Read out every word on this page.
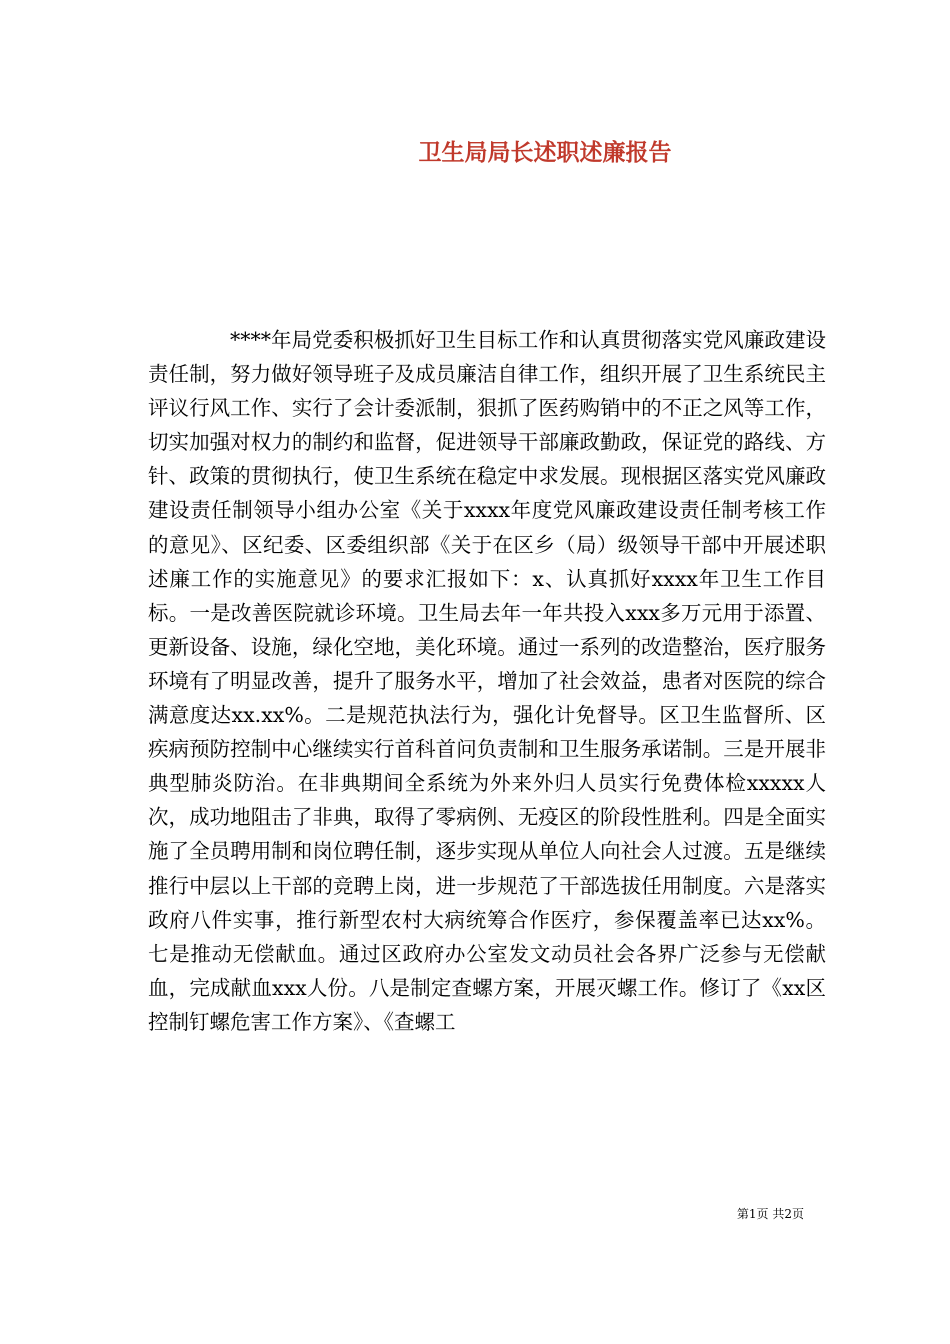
卫生局局长述职述廉报告

****年局党委积极抓好卫生目标工作和认真贯彻落实党风廉政建设责任制，努力做好领导班子及成员廉洁自律工作，组织开展了卫生系统民主评议行风工作、实行了会计委派制，狠抓了医药购销中的不正之风等工作，切实加强对权力的制约和监督，促进领导干部廉政勤政，保证党的路线、方针、政策的贯彻执行，使卫生系统在稳定中求发展。现根据区落实党风廉政建设责任制领导小组办公室《关于xxxx年度党风廉政建设责任制考核工作的意见》、区纪委、区委组织部《关于在区乡（局）级领导干部中开展述职述廉工作的实施意见》的要求汇报如下：x、认真抓好xxxx年卫生工作目标。一是改善医院就诊环境。卫生局去年一年共投入xxx多万元用于添置、更新设备、设施，绿化空地，美化环境。通过一系列的改造整治，医疗服务环境有了明显改善，提升了服务水平，增加了社会效益，患者对医院的综合满意度达xx.xx%。二是规范执法行为，强化计免督导。区卫生监督所、区疾病预防控制中心继续实行首科首问负责制和卫生服务承诺制。三是开展非典型肺炎防治。在非典期间全系统为外来外归人员实行免费体检xxxxx人次，成功地阻击了非典，取得了零病例、无疫区的阶段性胜利。四是全面实施了全员聘用制和岗位聘任制，逐步实现从单位人向社会人过渡。五是继续推行中层以上干部的竞聘上岗，进一步规范了干部选拔任用制度。六是落实政府八件实事，推行新型农村大病统筹合作医疗，参保覆盖率已达xx%。七是推动无偿献血。通过区政府办公室发文动员社会各界广泛参与无偿献血，完成献血xxx人份。八是制定查螺方案，开展灭螺工作。修订了《xx区控制钉螺危害工作方案》、《查螺工

第1页 共2页
